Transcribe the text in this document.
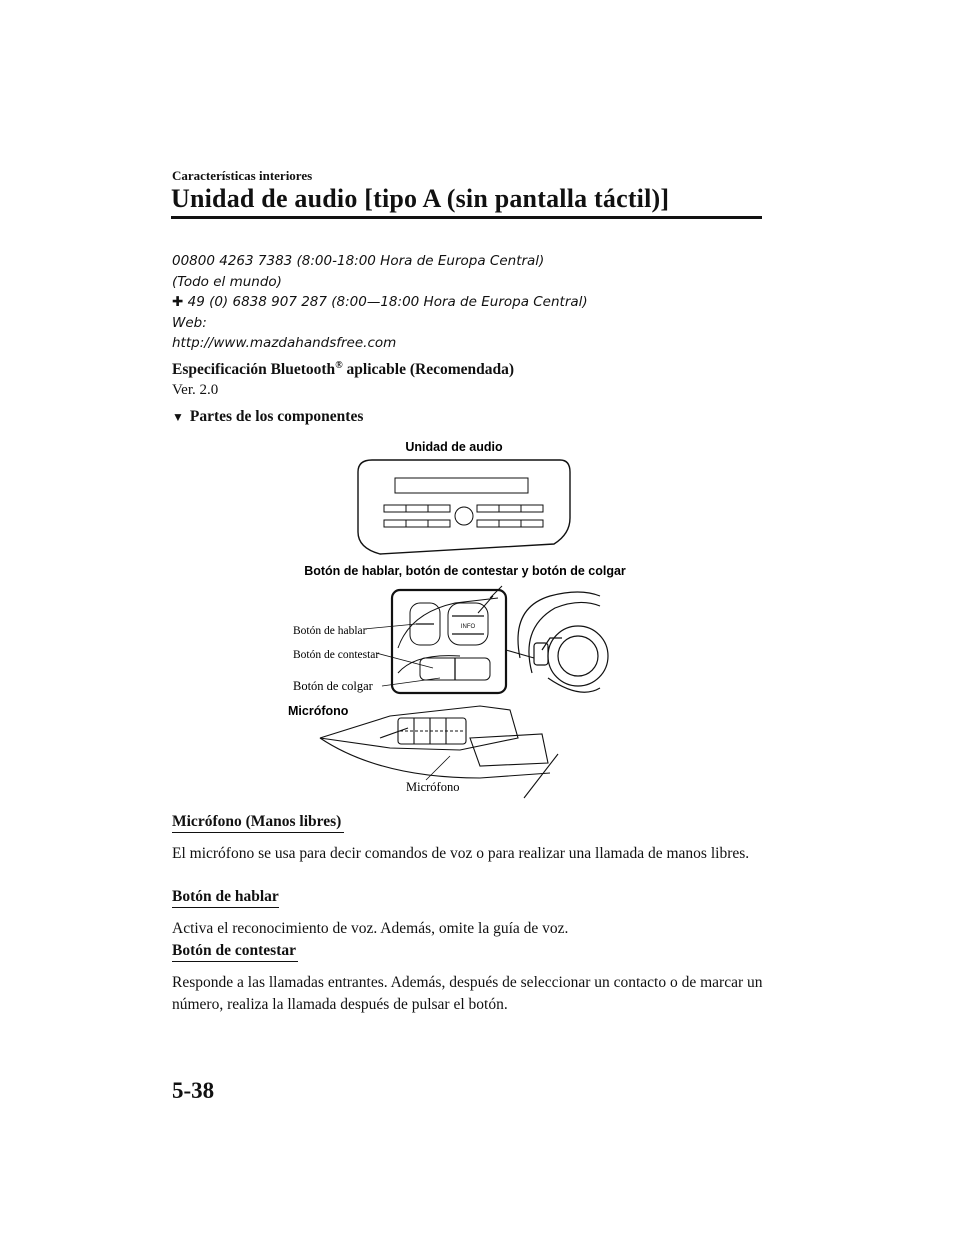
Características interiores
Unidad de audio [tipo A (sin pantalla táctil)]
00800 4263 7383 (8:00-18:00 Hora de Europa Central)
(Todo el mundo)
✚ 49 (0) 6838 907 287 (8:00—18:00 Hora de Europa Central)
Web:
http://www.mazdahandsfree.com
Especificación Bluetooth® aplicable (Recomendada)
Ver. 2.0
▼ Partes de los componentes
Unidad de audio
Botón de hablar, botón de contestar y botón de colgar
INFO
Botón de hablar
Botón de contestar
Botón de colgar
Micrófono
Micrófono
Micrófono (Manos libres)
El micrófono se usa para decir comandos de voz o para realizar una llamada de manos libres.
Botón de hablar
Activa el reconocimiento de voz. Además, omite la guía de voz.
Botón de contestar
Responde a las llamadas entrantes. Además, después de seleccionar un contacto o de marcar un número, realiza la llamada después de pulsar el botón.
5-38
